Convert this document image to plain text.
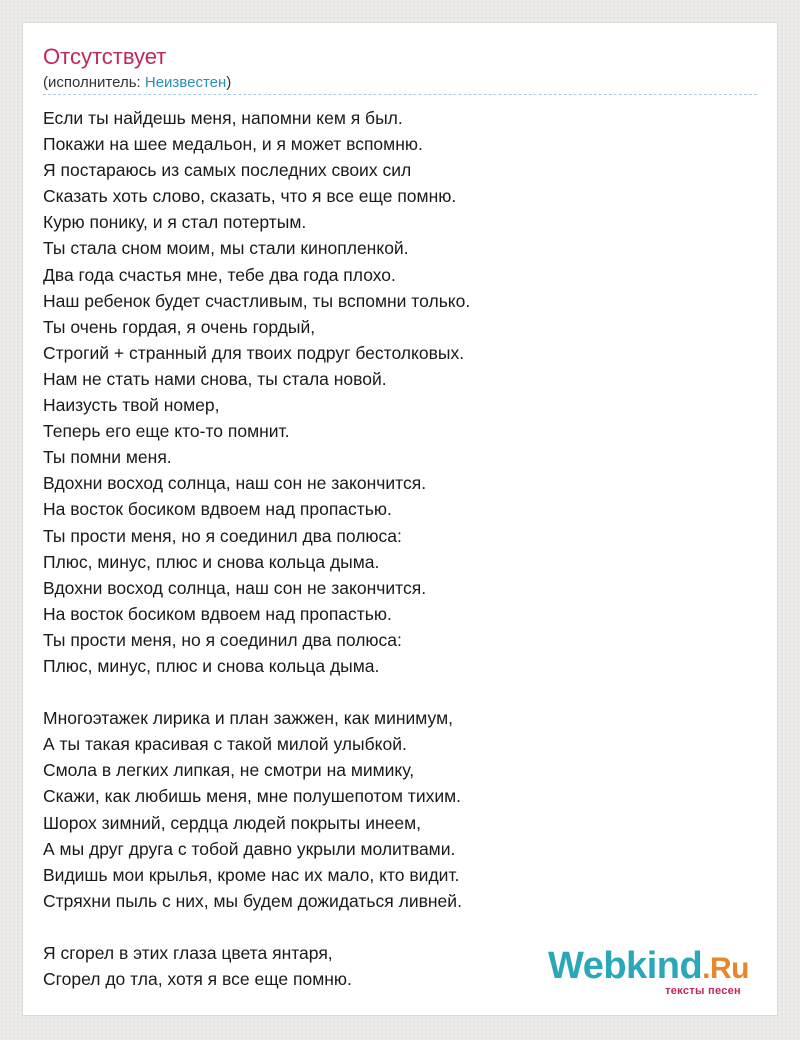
Отсутствует
(исполнитель: Неизвестен)
Если ты найдешь меня, напомни кем я был.
Покажи на шее медальон, и я может вспомню.
Я постараюсь из самых последних своих сил
Сказать хоть слово, сказать, что я все еще помню.
Курю понику, и я стал потертым.
Ты стала сном моим, мы стали кинопленкой.
Два года счастья мне, тебе два года плохо.
Наш ребенок будет счастливым, ты вспомни только.
Ты очень гордая, я очень гордый,
Строгий + странный для твоих подруг бестолковых.
Нам не стать нами снова, ты стала новой.
Наизусть твой номер,
Теперь его еще кто-то помнит.
Ты помни меня.
Вдохни восход солнца, наш сон не закончится.
На восток босиком вдвоем над пропастью.
Ты прости меня, но я соединил два полюса:
Плюс, минус, плюс и снова кольца дыма.
Вдохни восход солнца, наш сон не закончится.
На восток босиком вдвоем над пропастью.
Ты прости меня, но я соединил два полюса:
Плюс, минус, плюс и снова кольца дыма.
Многоэтажек лирика и план зажжен, как минимум,
А ты такая красивая с такой милой улыбкой.
Смола в легких липкая, не смотри на мимику,
Скажи, как любишь меня, мне полушепотом тихим.
Шорох зимний, сердца людей покрыты инеем,
А мы друг друга с тобой давно укрыли молитвами.
Видишь мои крылья, кроме нас их мало, кто видит.
Стряхни пыль с них, мы будем дожидаться ливней.
Я сгорел в этих глаза цвета янтаря,
Сгорел до тла, хотя я все еще помню.	Webkind.Ru
тексты песен
